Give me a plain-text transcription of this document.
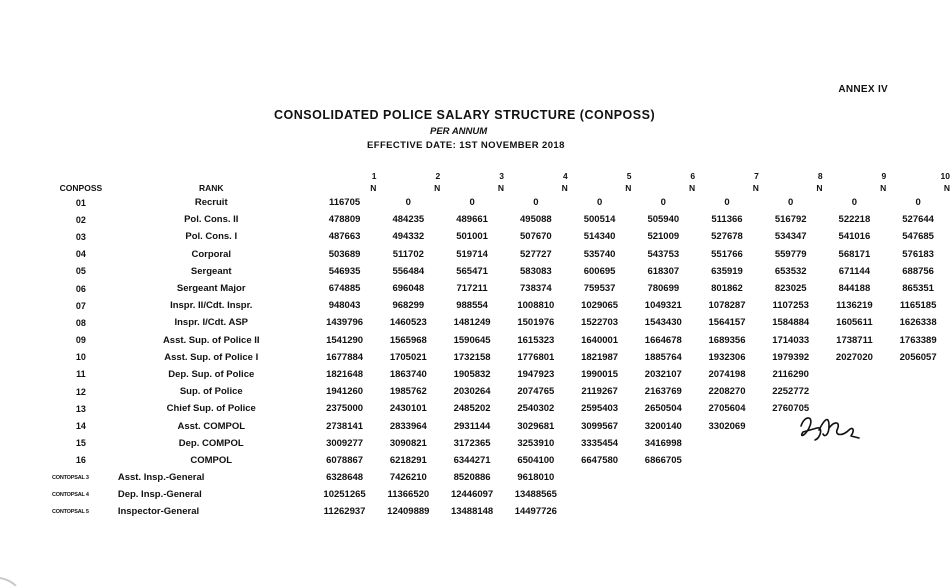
ANNEX IV
CONSOLIDATED POLICE SALARY STRUCTURE (CONPOSS)
PER ANNUM
EFFECTIVE DATE: 1ST NOVEMBER 2018
		1	2	3	4	5	6	7	8	9	10
CONPOSS	RANK	N	N	N	N	N	N	N	N	N	N
01	Recruit	116705	0	0	0	0	0	0	0	0	0
02	Pol. Cons. II	478809	484235	489661	495088	500514	505940	511366	516792	522218	527644
03	Pol. Cons. I	487663	494332	501001	507670	514340	521009	527678	534347	541016	547685
04	Corporal	503689	511702	519714	527727	535740	543753	551766	559779	568171	576183
05	Sergeant	546935	556484	565471	583083	600695	618307	635919	653532	671144	688756
06	Sergeant Major	674885	696048	717211	738374	759537	780699	801862	823025	844188	865351
07	Inspr. II/Cdt. Inspr.	948043	968299	988554	1008810	1029065	1049321	1078287	1107253	1136219	1165185
08	Inspr. I/Cdt. ASP	1439796	1460523	1481249	1501976	1522703	1543430	1564157	1584884	1605611	1626338
09	Asst. Sup. of Police II	1541290	1565968	1590645	1615323	1640001	1664678	1689356	1714033	1738711	1763389
10	Asst. Sup. of Police I	1677884	1705021	1732158	1776801	1821987	1885764	1932306	1979392	2027020	2056057
11	Dep. Sup. of Police	1821648	1863740	1905832	1947923	1990015	2032107	2074198	2116290		
12	Sup. of Police	1941260	1985762	2030264	2074765	2119267	2163769	2208270	2252772		
13	Chief Sup. of Police	2375000	2430101	2485202	2540302	2595403	2650504	2705604	2760705		
14	Asst. COMPOL	2738141	2833964	2931144	3029681	3099567	3200140	3302069			
15	Dep. COMPOL	3009277	3090821	3172365	3253910	3335454	3416998				
16	COMPOL	6078867	6218291	6344271	6504100	6647580	6866705				
CONTOPSAL 3	Asst. Insp.-General	6328648	7426210	8520886	9618010						
CONTOPSAL 4	Dep. Insp.-General	10251265	11366520	12446097	13488565						
CONTOPSAL 5	Inspector-General	11262937	12409889	13488148	14497726						
